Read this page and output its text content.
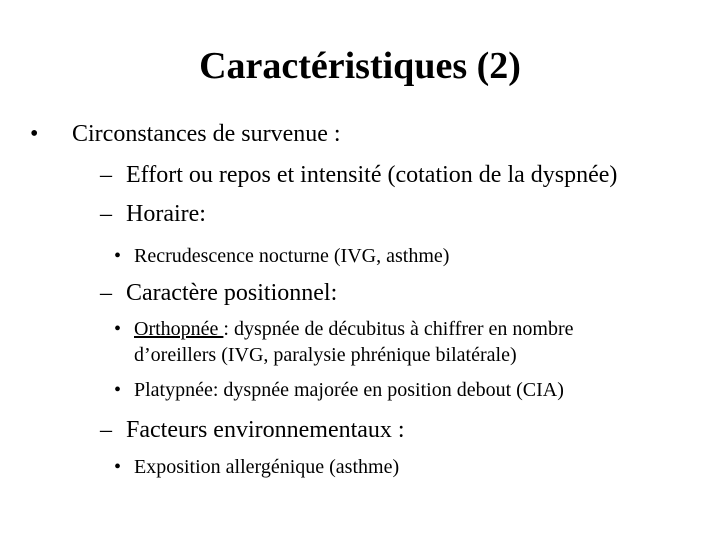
Caractéristiques (2)
• Circonstances de survenue :
– Effort ou repos et intensité (cotation de la dyspnée)
– Horaire:
• Recrudescence nocturne (IVG, asthme)
– Caractère positionnel:
• Orthopnée : dyspnée de décubitus à chiffrer en nombre
d’oreillers (IVG, paralysie phrénique bilatérale)
• Platypnée: dyspnée majorée en position debout (CIA)
– Facteurs environnementaux :
• Exposition allergénique (asthme)
